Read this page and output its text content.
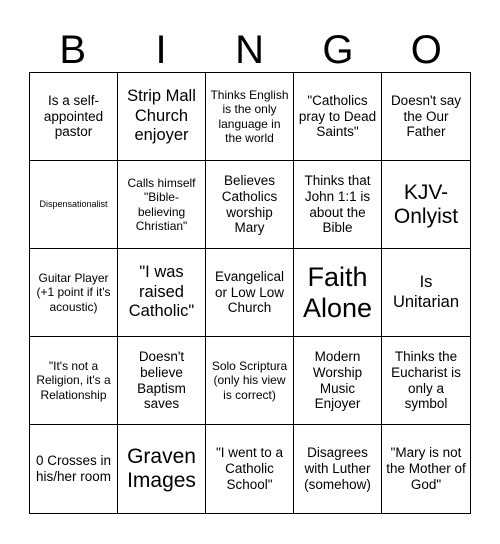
B	I	N	G	O
Is a self-appointed pastor
Strip Mall Church enjoyer
Thinks English is the only language in the world
"Catholics pray to Dead Saints"
Doesn't say the Our Father
Dispensationalist
Calls himself "Bible-believing Christian"
Believes Catholics worship Mary
Thinks that John 1:1 is about the Bible
KJV-Onlyist
Guitar Player (+1 point if it's acoustic)
"I was raised Catholic"
Evangelical or Low Low Church
Faith Alone
Is Unitarian
"It's not a Religion, it's a Relationship
Doesn't believe Baptism saves
Solo Scriptura (only his view is correct)
Modern Worship Music Enjoyer
Thinks the Eucharist is only a symbol
0 Crosses in his/her room
Graven Images
"I went to a Catholic School"
Disagrees with Luther (somehow)
"Mary is not the Mother of God"
